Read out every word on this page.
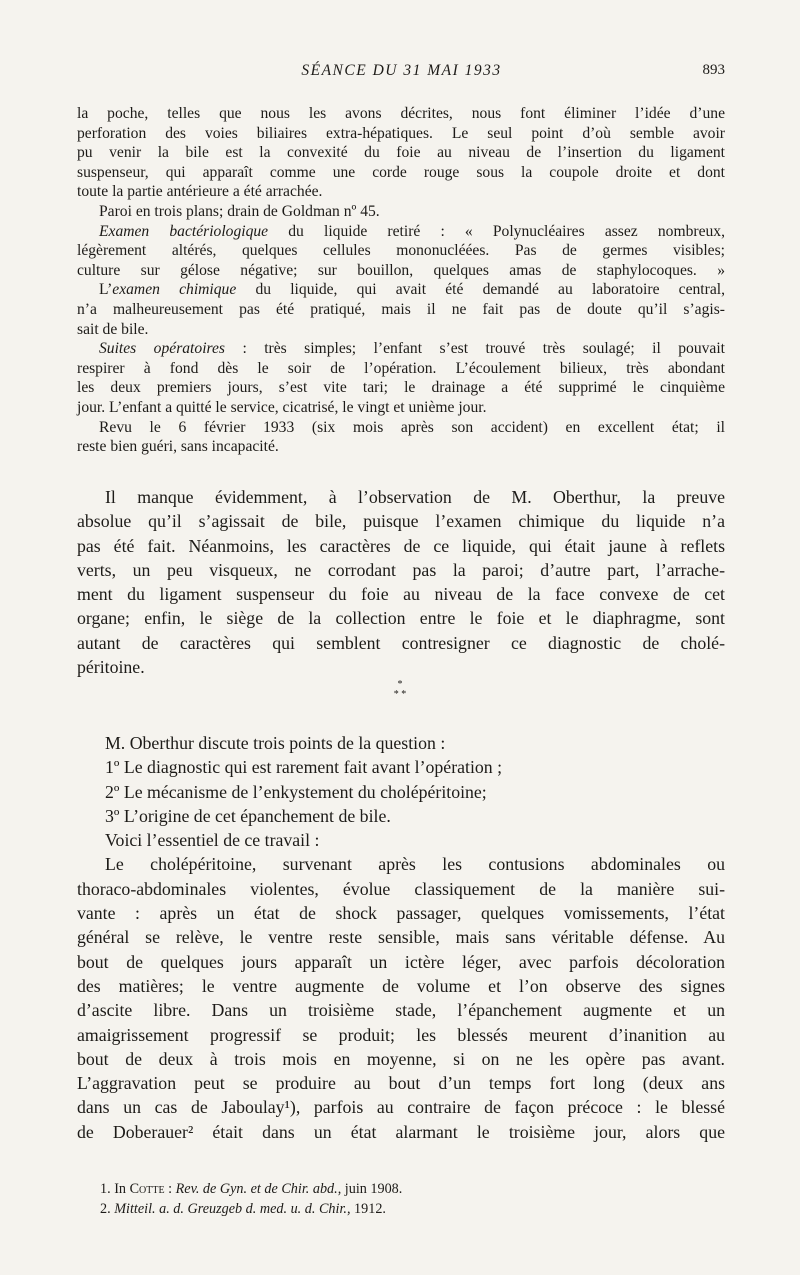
SÉANCE DU 31 MAI 1933	893
la poche, telles que nous les avons décrites, nous font éliminer l’idée d’une
perforation des voies biliaires extra-hépatiques. Le seul point d’où semble avoir
pu venir la bile est la convexité du foie au niveau de l’insertion du ligament
suspenseur, qui apparaît comme une corde rouge sous la coupole droite et dont
toute la partie antérieure a été arrachée.
Paroi en trois plans; drain de Goldman nº 45.
Examen bactériologique du liquide retiré : « Polynucléaires assez nombreux,
légèrement altérés, quelques cellules mononucléées. Pas de germes visibles;
culture sur gélose négative; sur bouillon, quelques amas de staphylocoques. »
L’examen chimique du liquide, qui avait été demandé au laboratoire central,
n’a malheureusement pas été pratiqué, mais il ne fait pas de doute qu’il s’agis-
sait de bile.
Suites opératoires : très simples; l’enfant s’est trouvé très soulagé; il pouvait
respirer à fond dès le soir de l’opération. L’écoulement bilieux, très abondant
les deux premiers jours, s’est vite tari; le drainage a été supprimé le cinquième
jour. L’enfant a quitté le service, cicatrisé, le vingt et unième jour.
Revu le 6 février 1933 (six mois après son accident) en excellent état; il
reste bien guéri, sans incapacité.
Il manque évidemment, à l’observation de M. Oberthur, la preuve
absolue qu’il s’agissait de bile, puisque l’examen chimique du liquide n’a
pas été fait. Néanmoins, les caractères de ce liquide, qui était jaune à reflets
verts, un peu visqueux, ne corrodant pas la paroi; d’autre part, l’arrache-
ment du ligament suspenseur du foie au niveau de la face convexe de cet
organe; enfin, le siège de la collection entre le foie et le diaphragme, sont
autant de caractères qui semblent contresigner ce diagnostic de cholé-
péritoine.
*
* *
M. Oberthur discute trois points de la question :
1º Le diagnostic qui est rarement fait avant l’opération ;
2º Le mécanisme de l’enkystement du cholépéritoine;
3º L’origine de cet épanchement de bile.
Voici l’essentiel de ce travail :
Le cholépéritoine, survenant après les contusions abdominales ou
thoraco-abdominales violentes, évolue classiquement de la manière sui-
vante : après un état de shock passager, quelques vomissements, l’état
général se relève, le ventre reste sensible, mais sans véritable défense. Au
bout de quelques jours apparaît un ictère léger, avec parfois décoloration
des matières; le ventre augmente de volume et l’on observe des signes
d’ascite libre. Dans un troisième stade, l’épanchement augmente et un
amaigrissement progressif se produit; les blessés meurent d’inanition au
bout de deux à trois mois en moyenne, si on ne les opère pas avant.
L’aggravation peut se produire au bout d’un temps fort long (deux ans
dans un cas de Jaboulay¹), parfois au contraire de façon précoce : le blessé
de Doberauer² était dans un état alarmant le troisième jour, alors que
1. In Cotte : Rev. de Gyn. et de Chir. abd., juin 1908.
2. Mitteil. a. d. Greuzgeb d. med. u. d. Chir., 1912.
